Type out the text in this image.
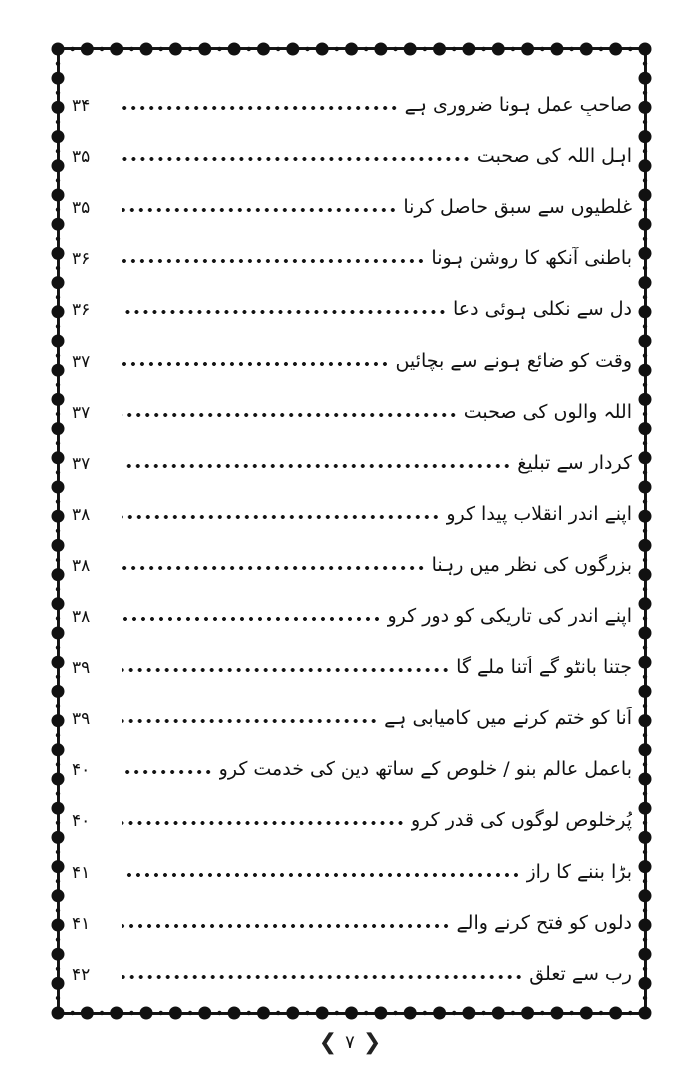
۳۴	صاحبِ عمل ہونا ضروری ہے
۳۵	اہل اللہ کی صحبت
۳۵	غلطیوں سے سبق حاصل کرنا
۳۶	باطنی آنکھ کا روشن ہونا
۳۶	دل سے نکلی ہوئی دعا
۳۷	وقت کو ضائع ہونے سے بچائیں
۳۷	اللہ والوں کی صحبت
۳۷	کردار سے تبلیغ
۳۸	اپنے اندر انقلاب پیدا کرو
۳۸	بزرگوں کی نظر میں رہنا
۳۸	اپنے اندر کی تاریکی کو دور کرو
۳۹	جتنا بانٹو گے اُتنا ملے گا
۳۹	اَنا کو ختم کرنے میں کامیابی ہے
۴۰	باعمل عالم بنو / خلوص کے ساتھ دین کی خدمت کرو
۴۰	پُرخلوص لوگوں کی قدر کرو
۴۱	بڑا بننے کا راز
۴۱	دلوں کو فتح کرنے والے
۴۲	رب سے تعلق
❮ ۷ ❯
